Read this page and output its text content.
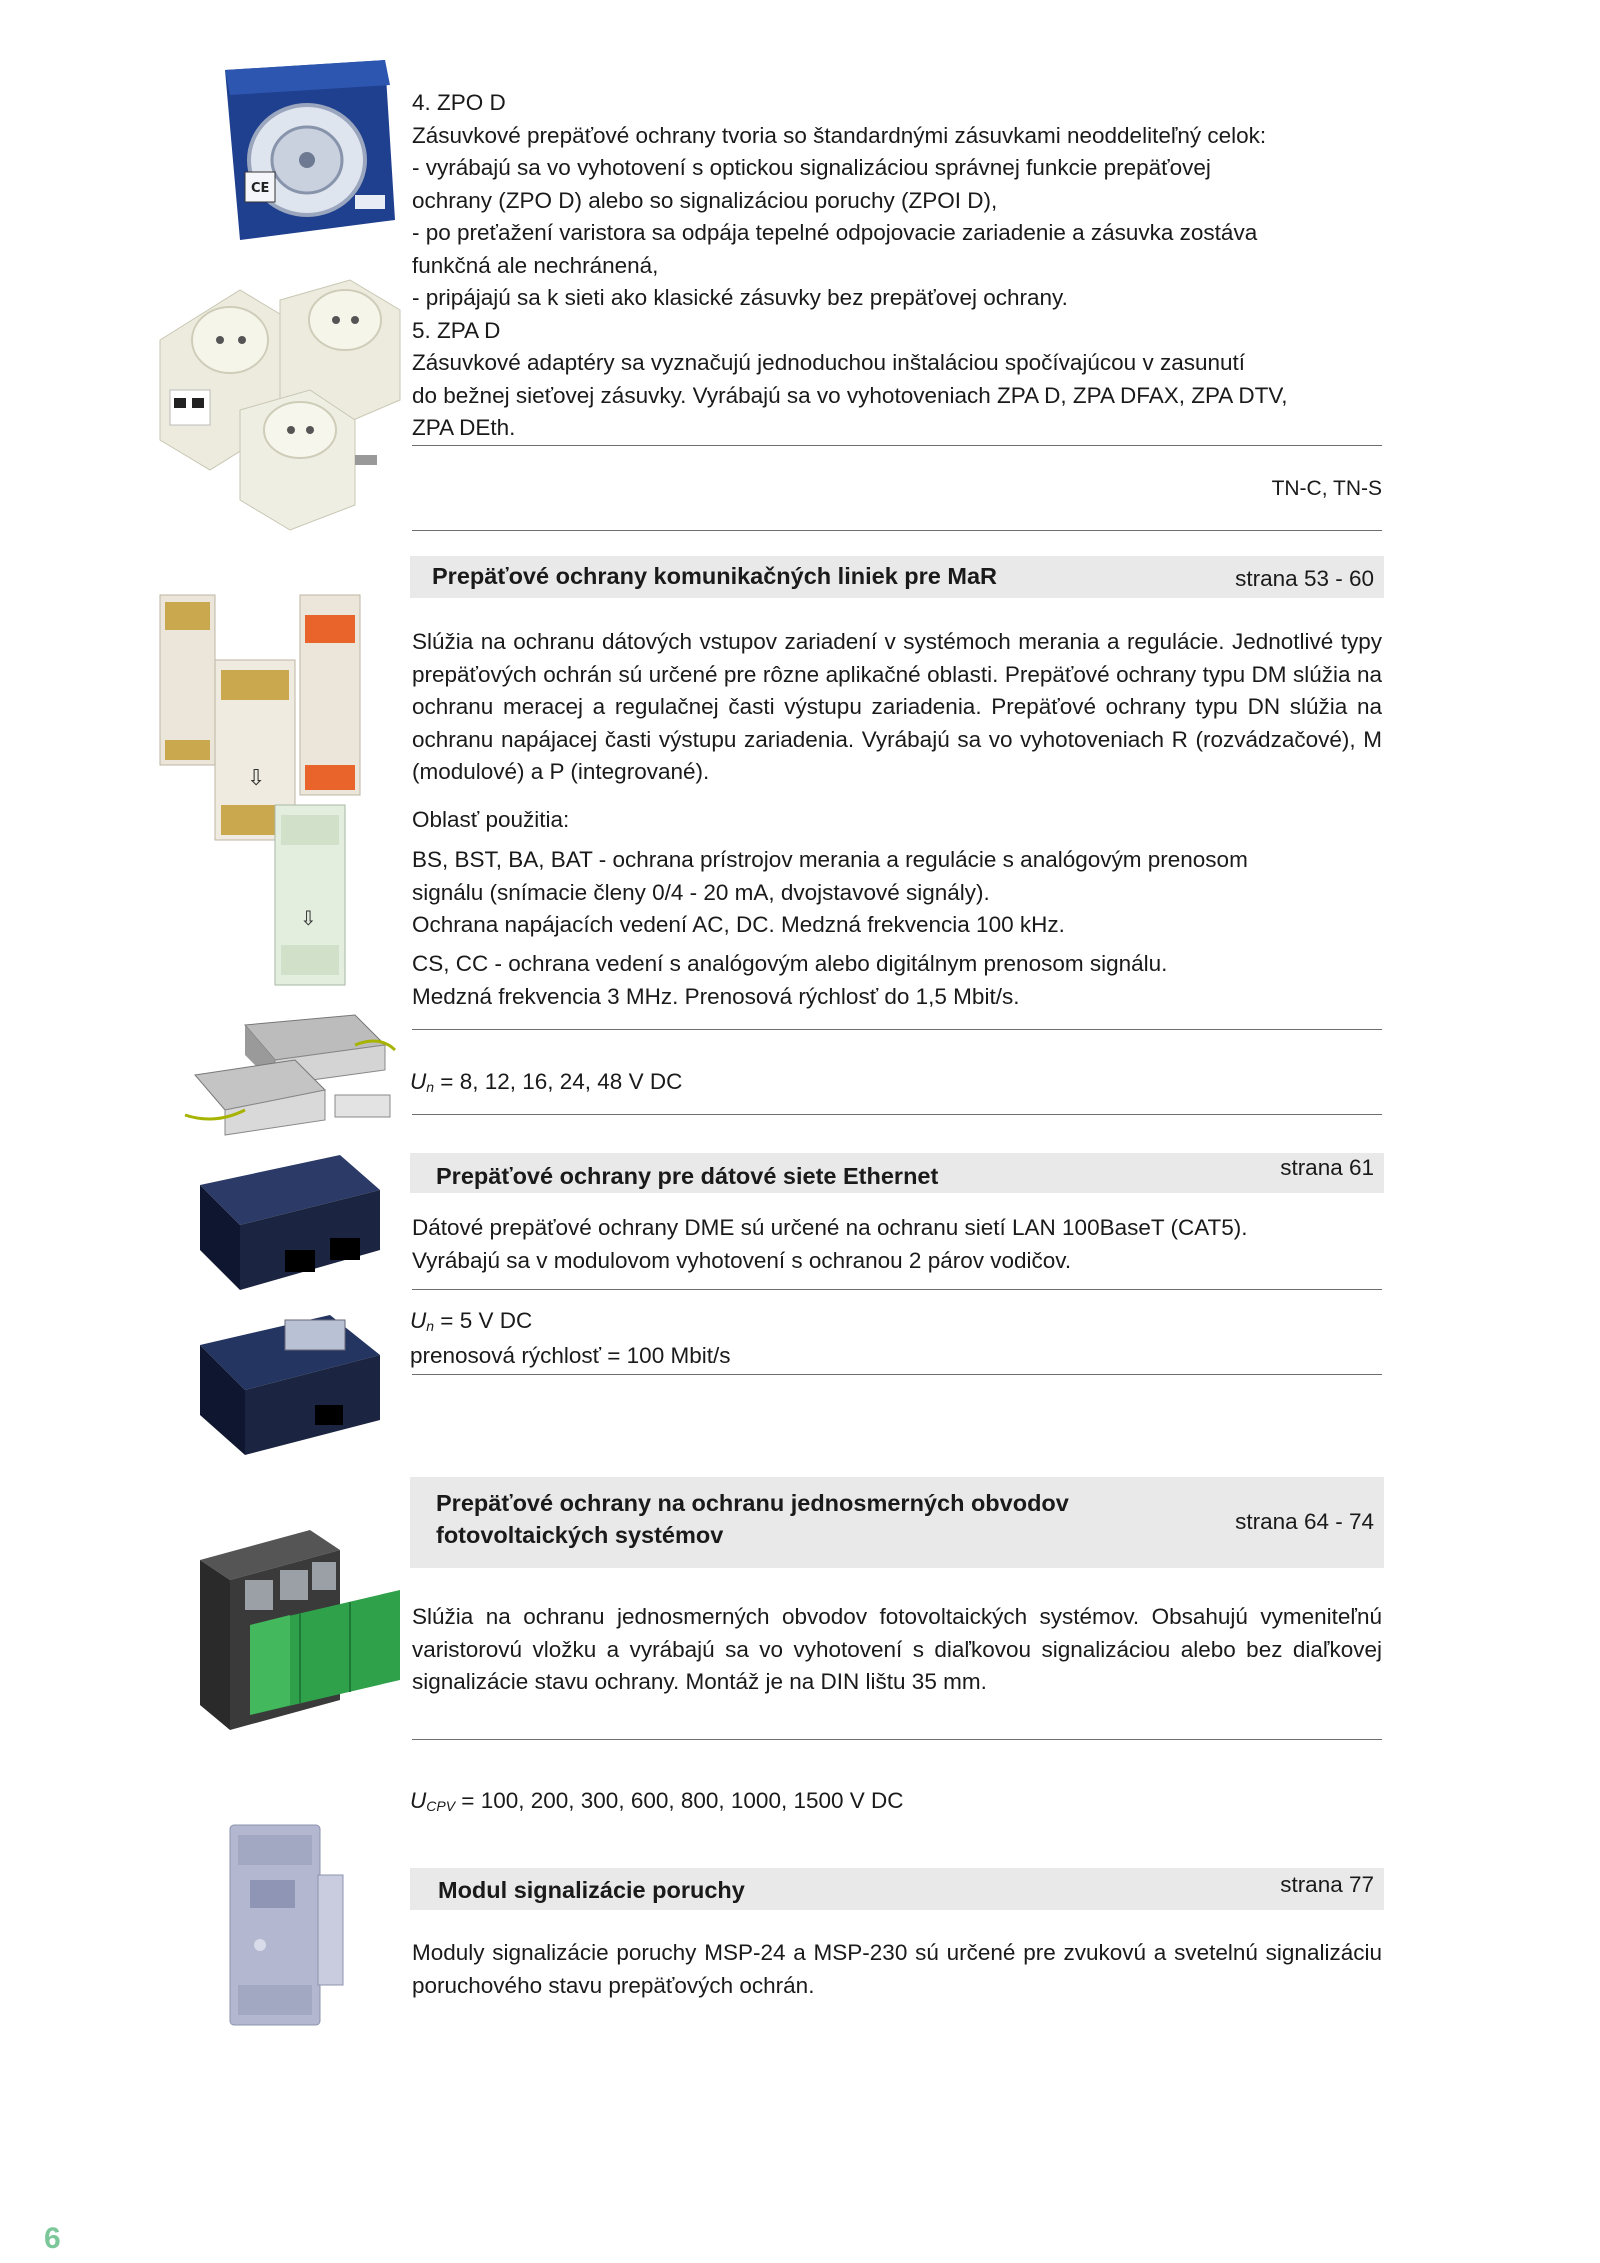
CE
⇩
⇩
4. ZPO D
Zásuvkové prepäťové ochrany tvoria so štandardnými zásuvkami neoddeliteľný celok:
- vyrábajú sa vo vyhotovení s optickou signalizáciou správnej funkcie prepäťovej
ochrany (ZPO D) alebo so signalizáciou poruchy (ZPOI D),
- po preťažení varistora sa odpája tepelné odpojovacie zariadenie a zásuvka zostáva
funkčná ale nechránená,
- pripájajú sa k sieti ako klasické zásuvky bez prepäťovej ochrany.
5. ZPA D
Zásuvkové adaptéry sa vyznačujú jednoduchou inštaláciou spočívajúcou v zasunutí
do bežnej sieťovej zásuvky. Vyrábajú sa vo vyhotoveniach ZPA D, ZPA DFAX, ZPA DTV,
ZPA DEth.
TN-C, TN-S
Prepäťové ochrany komunikačných liniek pre MaR	strana 53 - 60
Slúžia na ochranu dátových vstupov zariadení v systémoch merania a regulácie. Jednotlivé typy prepäťových ochrán sú určené pre rôzne aplikačné oblasti. Prepäťové ochrany typu DM slúžia na ochranu meracej a regulačnej časti výstupu zariadenia. Prepäťové ochrany typu DN slúžia na ochranu napájacej časti výstupu zariadenia. Vyrábajú sa vo vyhotoveniach R (rozvádzačové), M (modulové) a P (integrované).
Oblasť použitia:
BS, BST, BA, BAT - ochrana prístrojov merania a regulácie s analógovým prenosom
signálu (snímacie členy 0/4 - 20 mA, dvojstavové signály).
Ochrana napájacích vedení AC, DC. Medzná frekvencia 100 kHz.
CS, CC - ochrana vedení s analógovým alebo digitálnym prenosom signálu.
Medzná frekvencia 3 MHz. Prenosová rýchlosť do 1,5 Mbit/s.
$U_n = 8$, 12, 16, 24, 48 V DC
Prepäťové ochrany pre dátové siete Ethernet	strana 61
Dátové prepäťové ochrany DME sú určené na ochranu sietí LAN 100BaseT (CAT5).
Vyrábajú sa v modulovom vyhotovení s ochranou 2 párov vodičov.
$U_n = 5$ V DC
prenosová rýchlosť = 100 Mbit/s
Prepäťové ochrany na ochranu jednosmerných obvodov
fotovoltaických systémov
strana 64 - 74
Slúžia na ochranu jednosmerných obvodov fotovoltaických systémov. Obsahujú vymeniteľnú varistorovú vložku a vyrábajú sa vo vyhotovení s diaľkovou signalizáciou alebo bez diaľkovej signalizácie stavu ochrany. Montáž je na DIN lištu 35 mm.
$U_{CPV} = 100$, 200, 300, 600, 800, 1000, 1500 V DC
Modul signalizácie poruchy	strana 77
Moduly signalizácie poruchy MSP-24 a MSP-230 sú určené pre zvukovú a svetelnú signalizáciu poruchového stavu prepäťových ochrán.
6
